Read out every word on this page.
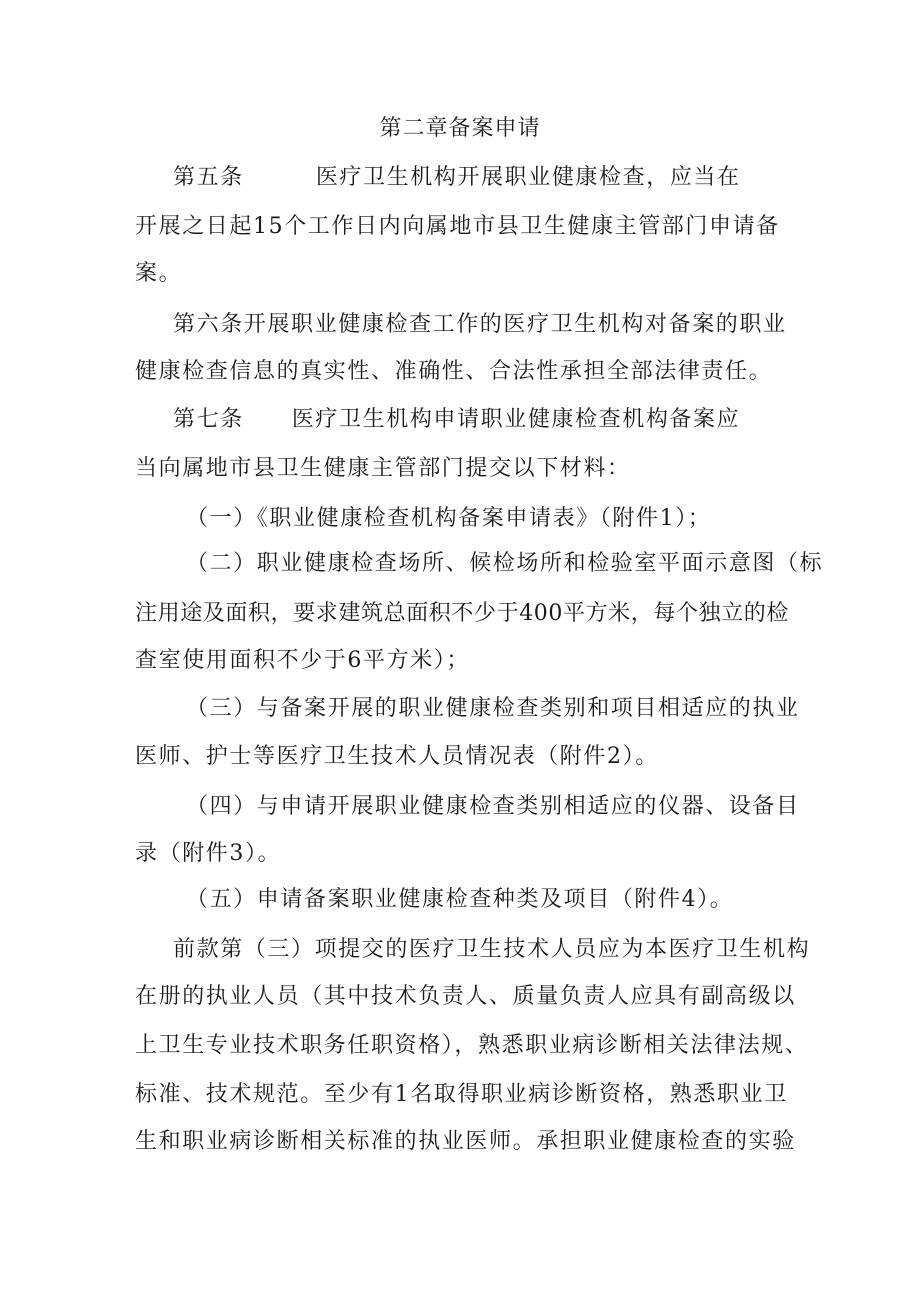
第二章备案申请
第五条	医疗卫生机构开展职业健康检查，应当在
开展之日起15个工作日内向属地市县卫生健康主管部门申请备
案。
第六条开展职业健康检查工作的医疗卫生机构对备案的职业
健康检查信息的真实性、准确性、合法性承担全部法律责任。
第七条 医疗卫生机构申请职业健康检查机构备案应
当向属地市县卫生健康主管部门提交以下材料：
（一）《职业健康检查机构备案申请表》（附件1）；
（二）职业健康检查场所、候检场所和检验室平面示意图（标
注用途及面积，要求建筑总面积不少于400平方米，每个独立的检
查室使用面积不少于6平方米）；
（三）与备案开展的职业健康检查类别和项目相适应的执业
医师、护士等医疗卫生技术人员情况表（附件2）。
（四）与申请开展职业健康检查类别相适应的仪器、设备目
录（附件3）。
（五）申请备案职业健康检查种类及项目（附件4）。
前款第（三）项提交的医疗卫生技术人员应为本医疗卫生机构
在册的执业人员（其中技术负责人、质量负责人应具有副高级以
上卫生专业技术职务任职资格），熟悉职业病诊断相关法律法规、
标准、技术规范。至少有1名取得职业病诊断资格，熟悉职业卫
生和职业病诊断相关标准的执业医师。承担职业健康检查的实验
